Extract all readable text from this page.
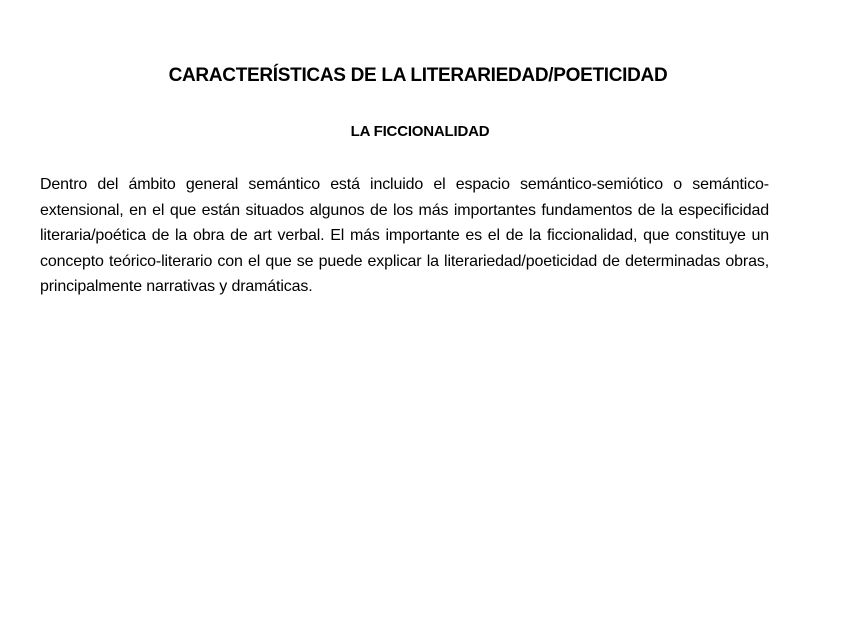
CARACTERÍSTICAS DE LA LITERARIEDAD/POETICIDAD
LA FICCIONALIDAD
Dentro del ámbito general semántico está incluido el espacio semántico-semiótico o semántico-extensional, en el que están situados algunos de los más importantes fundamentos de la especificidad literaria/poética de la obra de art verbal. El más importante es el de la ficcionalidad, que constituye un concepto teórico-literario con el que se puede explicar la literariedad/poeticidad de determinadas obras, principalmente narrativas y dramáticas.
